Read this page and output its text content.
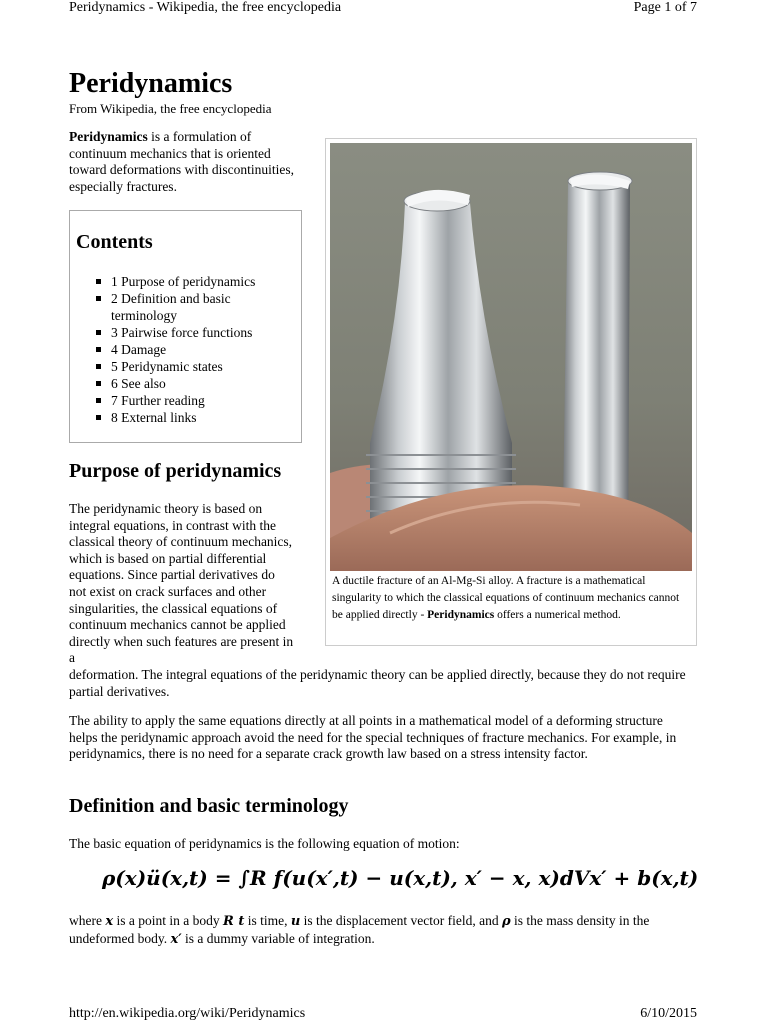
Peridynamics - Wikipedia, the free encyclopedia	Page 1 of 7
Peridynamics
From Wikipedia, the free encyclopedia
Peridynamics is a formulation of continuum mechanics that is oriented toward deformations with discontinuities, especially fractures.
Contents
1 Purpose of peridynamics
2 Definition and basic terminology
3 Pairwise force functions
4 Damage
5 Peridynamic states
6 See also
7 Further reading
8 External links
A ductile fracture of an Al-Mg-Si alloy. A fracture is a mathematical singularity to which the classical equations of continuum mechanics cannot be applied directly - Peridynamics offers a numerical method.
Purpose of peridynamics
The peridynamic theory is based on integral equations, in contrast with the classical theory of continuum mechanics, which is based on partial differential equations. Since partial derivatives do not exist on crack surfaces and other singularities, the classical equations of continuum mechanics cannot be applied directly when such features are present in a
deformation. The integral equations of the peridynamic theory can be applied directly, because they do not require partial derivatives.
The ability to apply the same equations directly at all points in a mathematical model of a deforming structure helps the peridynamic approach avoid the need for the special techniques of fracture mechanics. For example, in peridynamics, there is no need for a separate crack growth law based on a stress intensity factor.
Definition and basic terminology
The basic equation of peridynamics is the following equation of motion:
ρ(x)ü(x,t) = ∫R f(u(x′,t) − u(x,t), x′ − x, x)dVx′ + b(x,t)
where x is a point in a body R t is time, u is the displacement vector field, and ρ is the mass density in the undeformed body. x′ is a dummy variable of integration.
http://en.wikipedia.org/wiki/Peridynamics	6/10/2015
